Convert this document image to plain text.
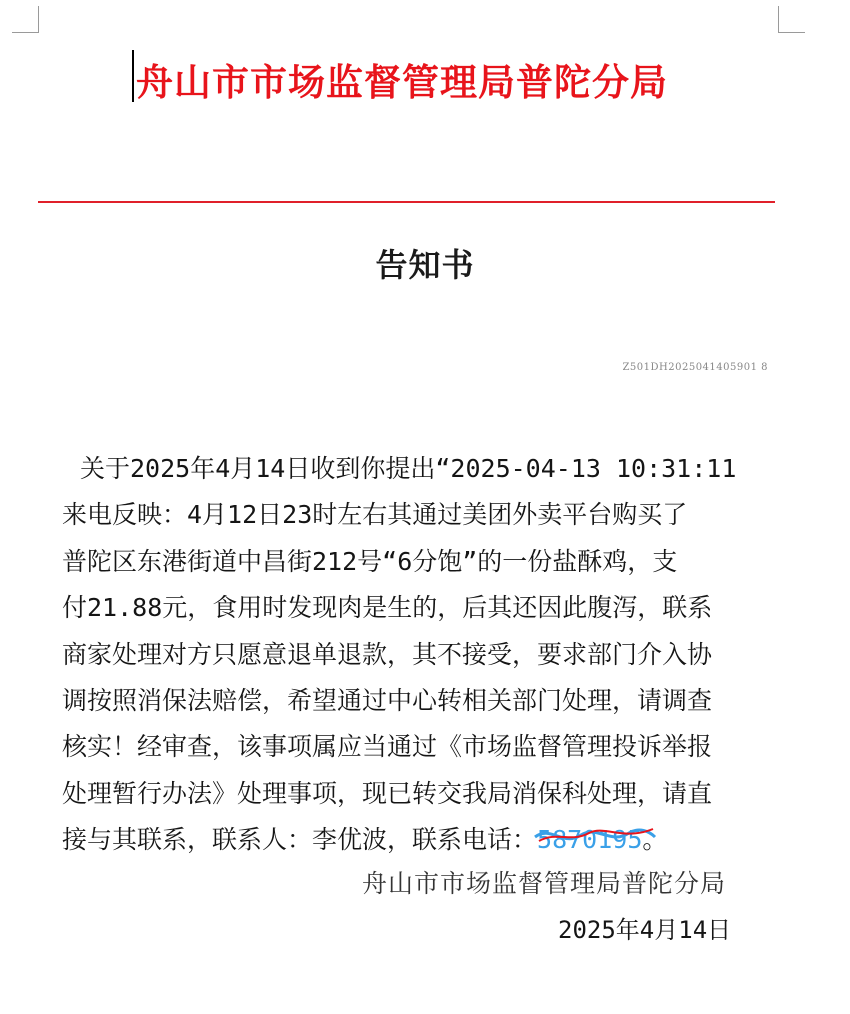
舟山市市场监督管理局普陀分局
告知书
Z501DH2025041405901 8

关于2025年4月14日收到你提出“2025-04-13 10:31:11

来电反映：4月12日23时左右其通过美团外卖平台购买了

普陀区东港街道中昌街212号“6分饱”的一份盐酥鸡，支

付21.88元，食用时发现肉是生的，后其还因此腹泻，联系

商家处理对方只愿意退单退款，其不接受，要求部门介入协

调按照消保法赔偿，希望通过中心转相关部门处理，请调查

核实！经审查，该事项属应当通过《市场监督管理投诉举报

处理暂行办法》处理事项，现已转交我局消保科处理，请直

接与其联系，联系人：李优波，联系电话：5870195
。

舟山市市场监督管理局普陀分局
2025年4月14日
